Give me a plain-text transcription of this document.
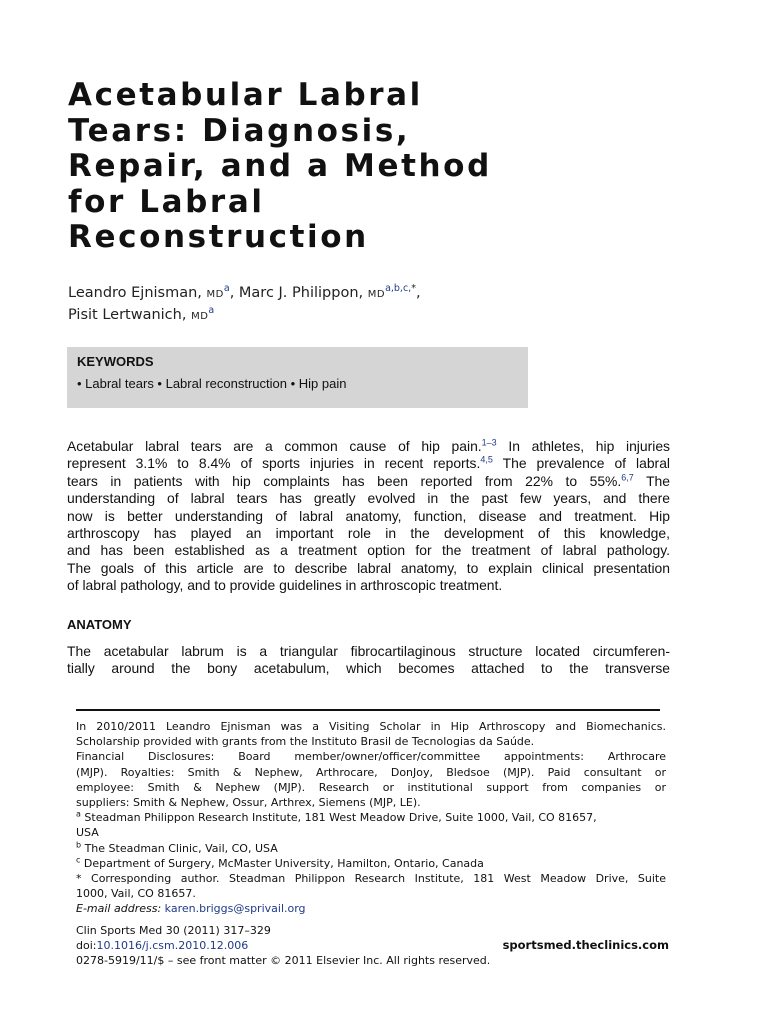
Acetabular Labral
Tears: Diagnosis,
Repair, and a Method
for Labral
Reconstruction
Leandro Ejnisman, $MD^a$, Marc J. Philippon, $MD^{a,b,c,*}$,
Pisit Lertwanich, $MD^a$
KEYWORDS
• Labral tears • Labral reconstruction • Hip pain
Acetabular labral tears are a common cause of hip pain.$^{1-3}$ In athletes, hip injuries
represent 3.1% to 8.4% of sports injuries in recent reports.$^{4,5}$ The prevalence of labral
tears in patients with hip complaints has been reported from 22% to 55%.$^{6,7}$ The
understanding of labral tears has greatly evolved in the past few years, and there
now is better understanding of labral anatomy, function, disease and treatment. Hip
arthroscopy has played an important role in the development of this knowledge,
and has been established as a treatment option for the treatment of labral pathology.
The goals of this article are to describe labral anatomy, to explain clinical presentation
of labral pathology, and to provide guidelines in arthroscopic treatment.
ANATOMY
The acetabular labrum is a triangular fibrocartilaginous structure located circumferen-
tially around the bony acetabulum, which becomes attached to the transverse
In 2010/2011 Leandro Ejnisman was a Visiting Scholar in Hip Arthroscopy and Biomechanics.
Scholarship provided with grants from the Instituto Brasil de Tecnologias da Saúde.
Financial Disclosures: Board member/owner/officer/committee appointments: Arthrocare
(MJP). Royalties: Smith & Nephew, Arthrocare, DonJoy, Bledsoe (MJP). Paid consultant or
employee: Smith & Nephew (MJP). Research or institutional support from companies or
suppliers: Smith & Nephew, Ossur, Arthrex, Siemens (MJP, LE).
$^a$ Steadman Philippon Research Institute, 181 West Meadow Drive, Suite 1000, Vail, CO 81657,
USA
$^b$ The Steadman Clinic, Vail, CO, USA
$^c$ Department of Surgery, McMaster University, Hamilton, Ontario, Canada
* Corresponding author. Steadman Philippon Research Institute, 181 West Meadow Drive, Suite
1000, Vail, CO 81657.
E-mail address: karen.briggs@sprivail.org
Clin Sports Med 30 (2011) 317–329
doi:10.1016/j.csm.2010.12.006
0278-5919/11/$ – see front matter © 2011 Elsevier Inc. All rights reserved.
sportsmed.theclinics.com
